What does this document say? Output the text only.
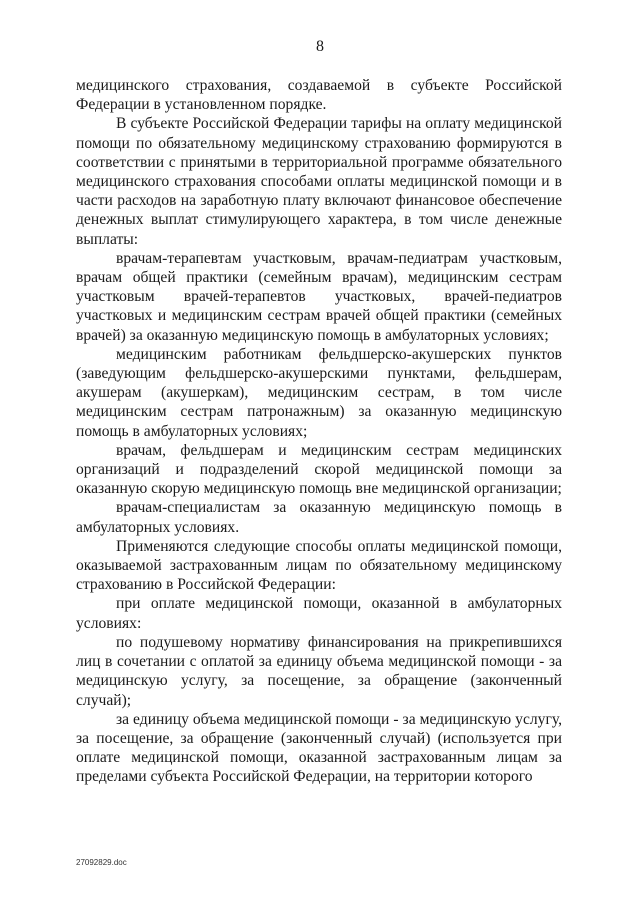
8

медицинского страхования, создаваемой в субъекте Российской Федерации в установленном порядке.

В субъекте Российской Федерации тарифы на оплату медицинской помощи по обязательному медицинскому страхованию формируются в соответствии с принятыми в территориальной программе обязательного медицинского страхования способами оплаты медицинской помощи и в части расходов на заработную плату включают финансовое обеспечение денежных выплат стимулирующего характера, в том числе денежные выплаты:

врачам-терапевтам участковым, врачам-педиатрам участковым, врачам общей практики (семейным врачам), медицинским сестрам участковым врачей-терапевтов участковых, врачей-педиатров участковых и медицинским сестрам врачей общей практики (семейных врачей) за оказанную медицинскую помощь в амбулаторных условиях;

медицинским работникам фельдшерско-акушерских пунктов (заведующим фельдшерско-акушерскими пунктами, фельдшерам, акушерам (акушеркам), медицинским сестрам, в том числе медицинским сестрам патронажным) за оказанную медицинскую помощь в амбулаторных условиях;

врачам, фельдшерам и медицинским сестрам медицинских организаций и подразделений скорой медицинской помощи за оказанную скорую медицинскую помощь вне медицинской организации;

врачам-специалистам за оказанную медицинскую помощь в амбулаторных условиях.

Применяются следующие способы оплаты медицинской помощи, оказываемой застрахованным лицам по обязательному медицинскому страхованию в Российской Федерации:

при оплате медицинской помощи, оказанной в амбулаторных условиях:

по подушевому нормативу финансирования на прикрепившихся лиц в сочетании с оплатой за единицу объема медицинской помощи - за медицинскую услугу, за посещение, за обращение (законченный случай);

за единицу объема медицинской помощи - за медицинскую услугу, за посещение, за обращение (законченный случай) (используется при оплате медицинской помощи, оказанной застрахованным лицам за пределами субъекта Российской Федерации, на территории которого

27092829.doc
